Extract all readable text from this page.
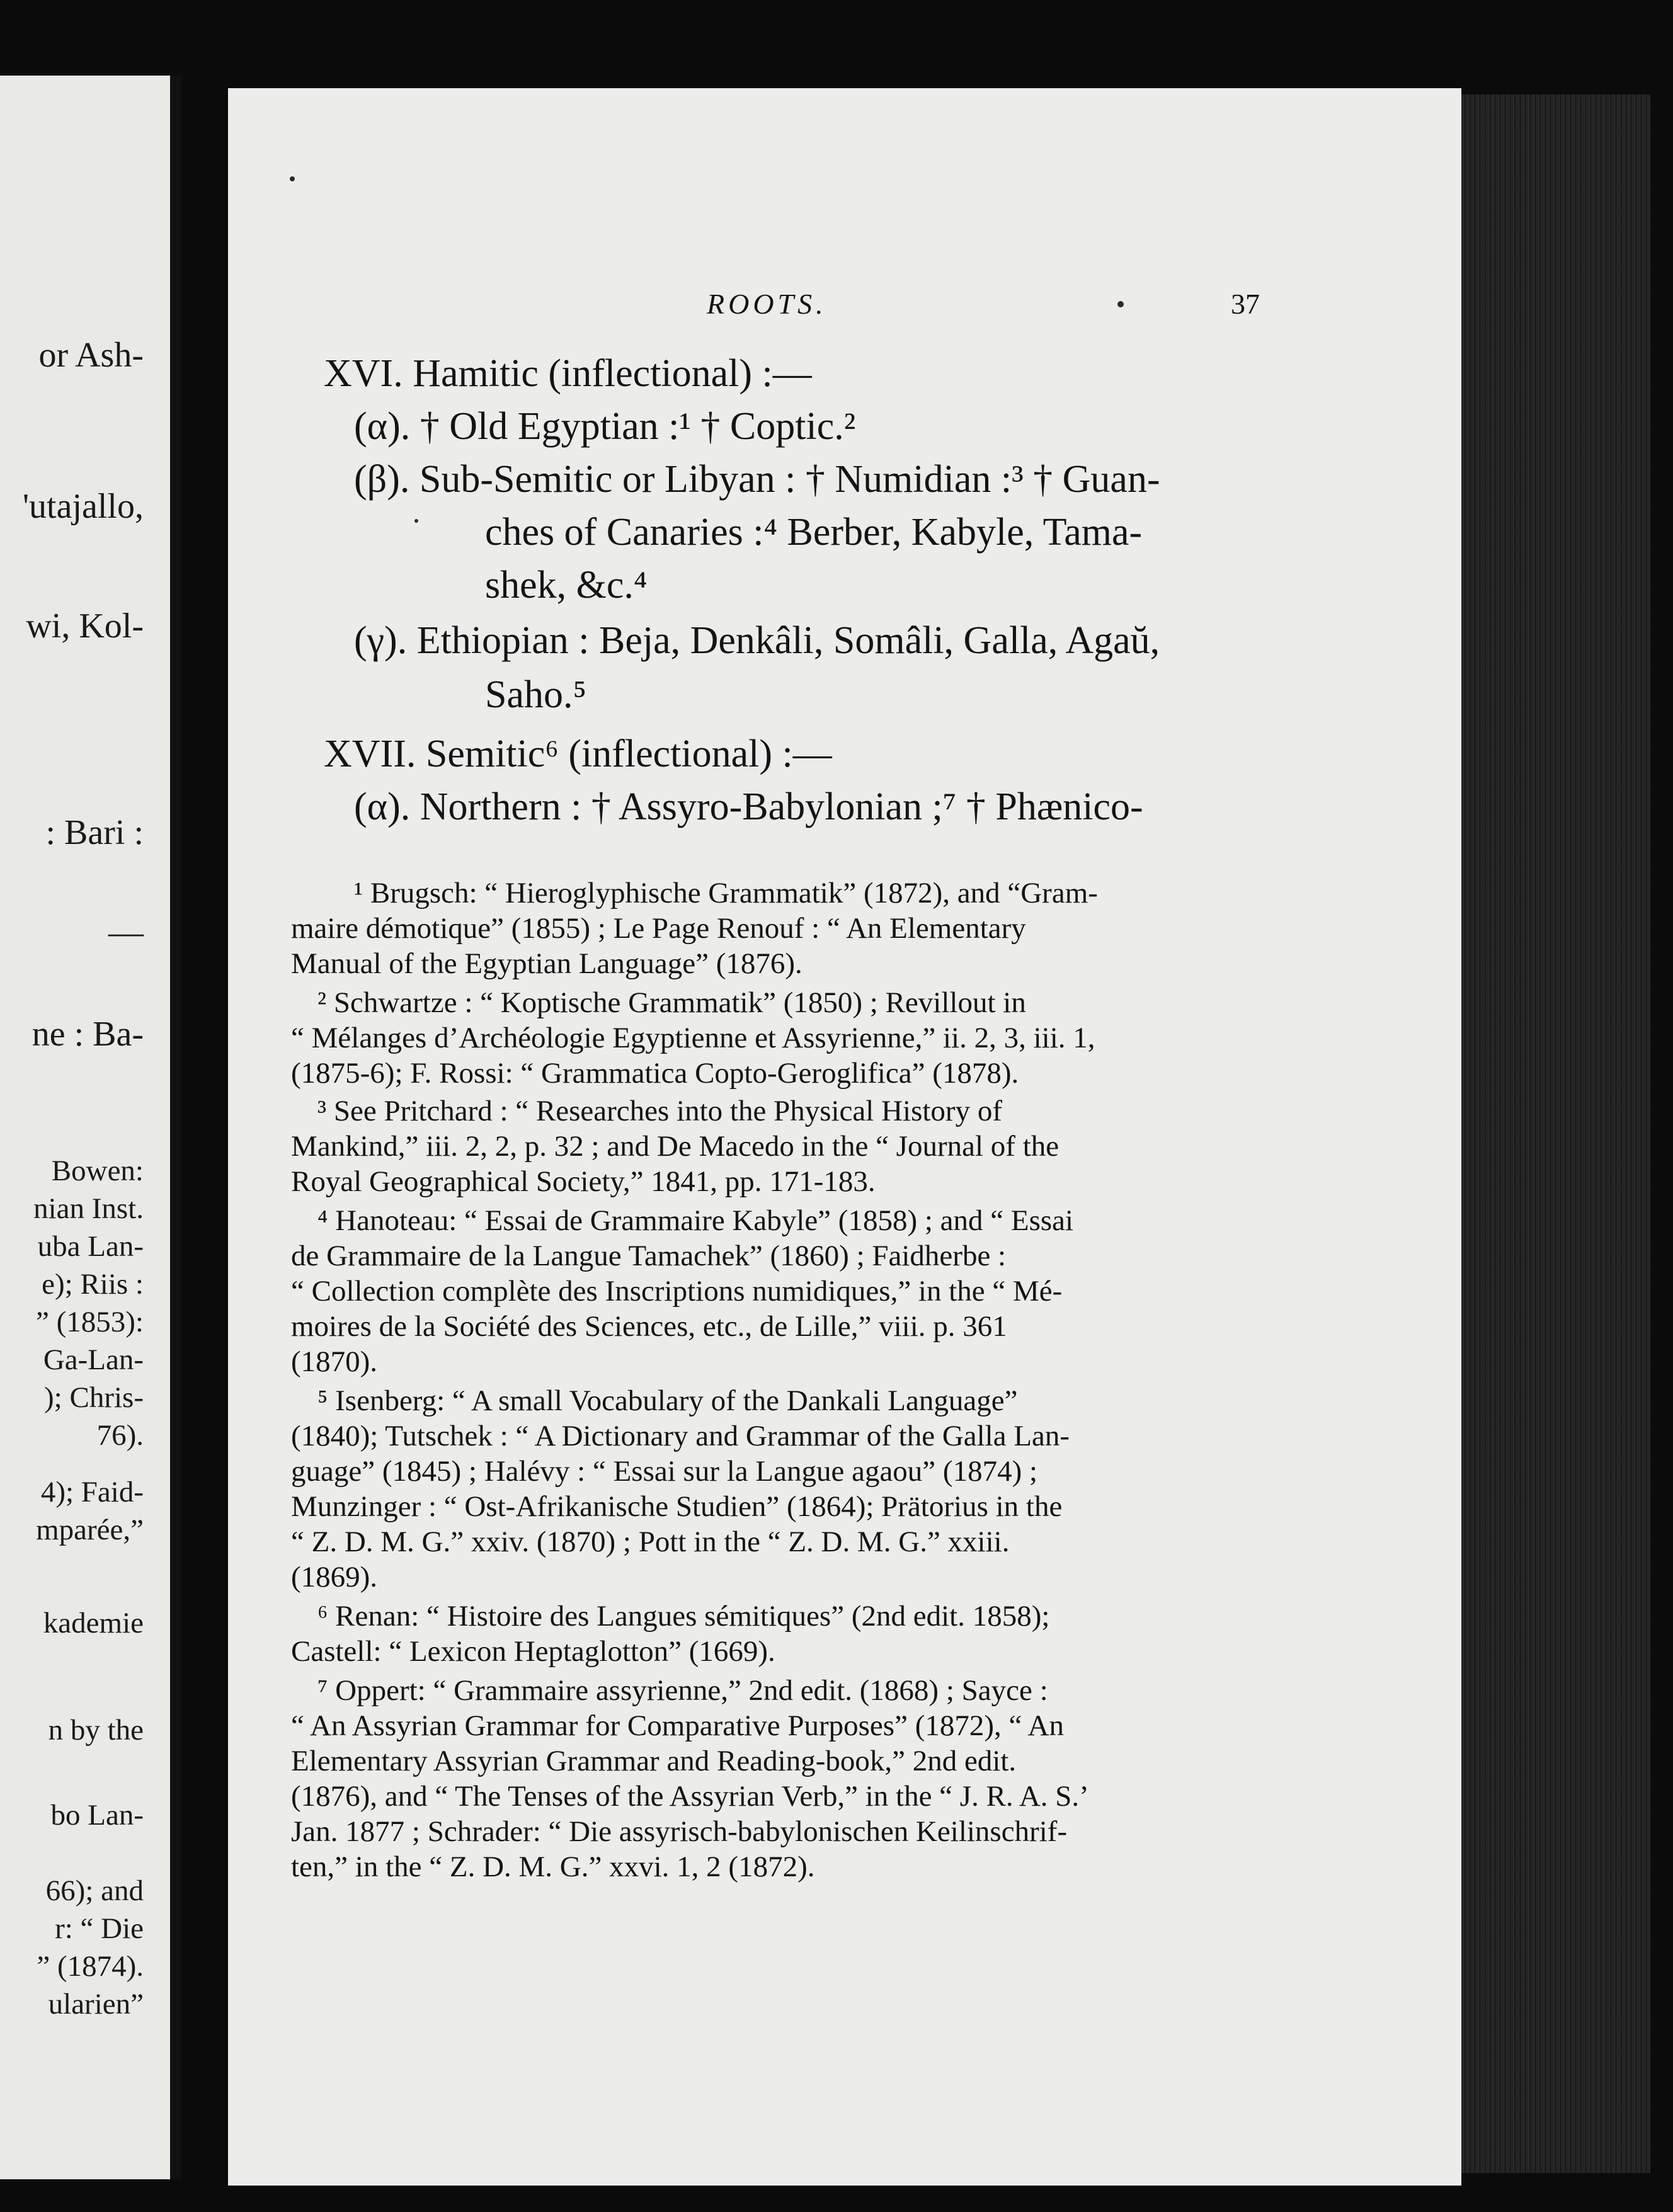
or Ash-
'utajallo,
wi, Kol-
: Bari :
—
ne : Ba-
Bowen:
nian Inst.
uba Lan-
e); Riis :
” (1853):
Ga-Lan-
); Chris-
76).
4); Faid-
mparée,”
kademie
n by the
bo Lan-
66); and
r: “ Die
” (1874).
ularien”
ROOTS.	37
XVI. Hamitic (inflectional) :—
(α). † Old Egyptian :¹ † Coptic.²
(β). Sub-Semitic or Libyan : † Numidian :³ † Guan-
ches of Canaries :⁴ Berber, Kabyle, Tama-
shek, &c.⁴
(γ). Ethiopian : Beja, Denkâli, Somâli, Galla, Agaŭ,
Saho.⁵
XVII. Semitic⁶ (inflectional) :—
(α). Northern : † Assyro-Babylonian ;⁷ † Phænico-
¹ Brugsch: “ Hieroglyphische Grammatik” (1872), and “Gram-
maire démotique” (1855) ; Le Page Renouf : “ An Elementary
Manual of the Egyptian Language” (1876).
² Schwartze : “ Koptische Grammatik” (1850) ; Revillout in
“ Mélanges d’Archéologie Egyptienne et Assyrienne,” ii. 2, 3, iii. 1,
(1875-6); F. Rossi: “ Grammatica Copto-Geroglifica” (1878).
³ See Pritchard : “ Researches into the Physical History of
Mankind,” iii. 2, 2, p. 32 ; and De Macedo in the “ Journal of the
Royal Geographical Society,” 1841, pp. 171-183.
⁴ Hanoteau: “ Essai de Grammaire Kabyle” (1858) ; and “ Essai
de Grammaire de la Langue Tamachek” (1860) ; Faidherbe :
“ Collection complète des Inscriptions numidiques,” in the “ Mé-
moires de la Société des Sciences, etc., de Lille,” viii. p. 361
(1870).
⁵ Isenberg: “ A small Vocabulary of the Dankali Language”
(1840); Tutschek : “ A Dictionary and Grammar of the Galla Lan-
guage” (1845) ; Halévy : “ Essai sur la Langue agaou” (1874) ;
Munzinger : “ Ost-Afrikanische Studien” (1864); Prätorius in the
“ Z. D. M. G.” xxiv. (1870) ; Pott in the “ Z. D. M. G.” xxiii.
(1869).
⁶ Renan: “ Histoire des Langues sémitiques” (2nd edit. 1858);
Castell: “ Lexicon Heptaglotton” (1669).
⁷ Oppert: “ Grammaire assyrienne,” 2nd edit. (1868) ; Sayce :
“ An Assyrian Grammar for Comparative Purposes” (1872), “ An
Elementary Assyrian Grammar and Reading-book,” 2nd edit.
(1876), and “ The Tenses of the Assyrian Verb,” in the “ J. R. A. S.’
Jan. 1877 ; Schrader: “ Die assyrisch-babylonischen Keilinschrif-
ten,” in the “ Z. D. M. G.” xxvi. 1, 2 (1872).
